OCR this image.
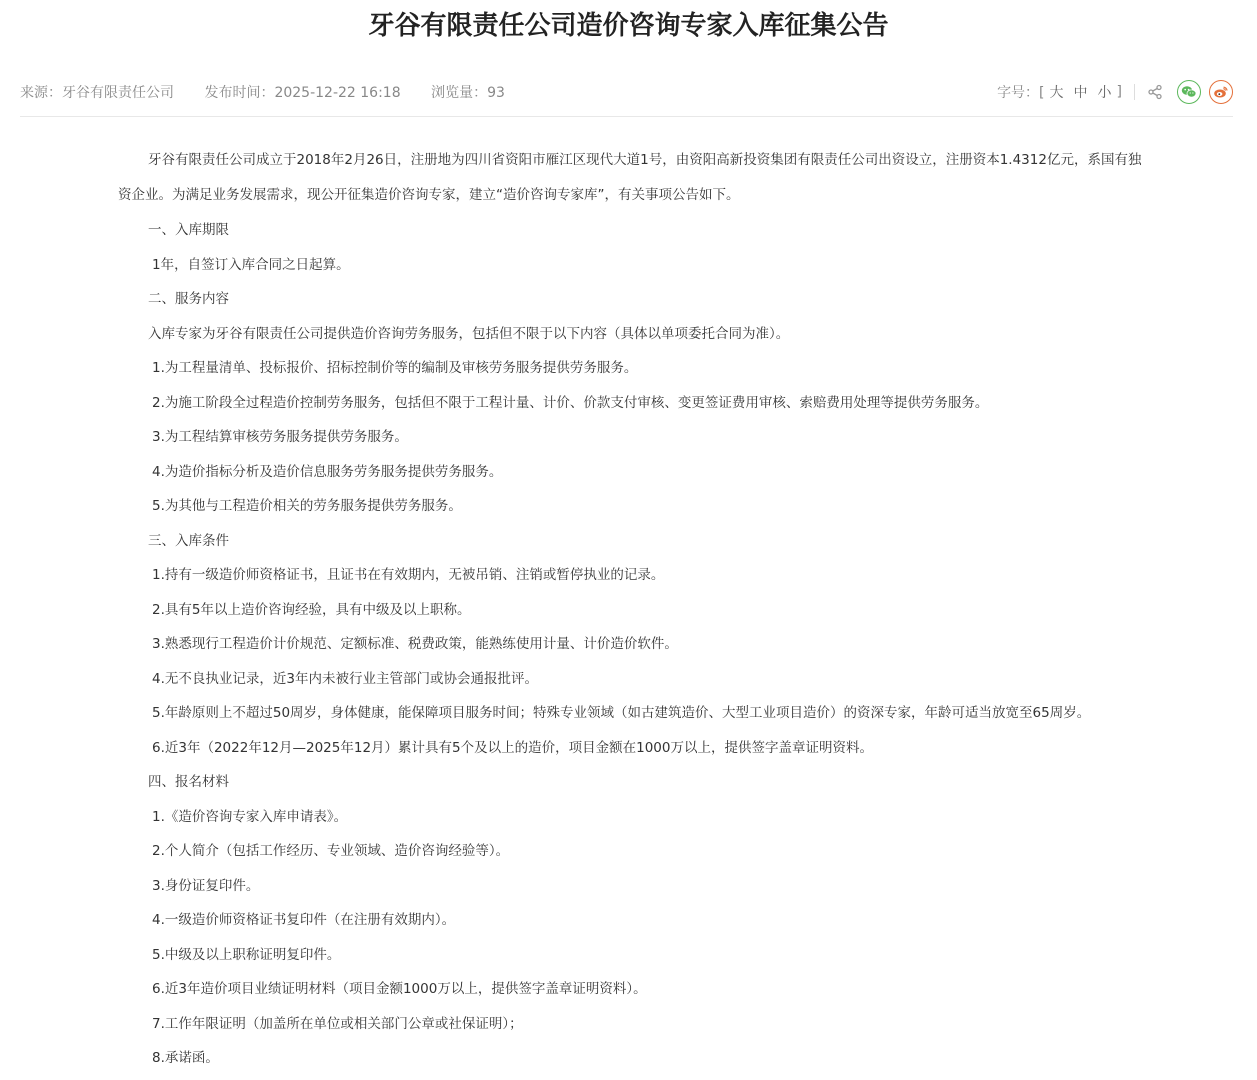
牙谷有限责任公司造价咨询专家入库征集公告
来源：牙谷有限责任公司 发布时间：2025-12-22 16:18 浏览量：93	字号：[ 大 中 小 ]

牙谷有限责任公司成立于2018年2月26日，注册地为四川省资阳市雁江区现代大道1号，由资阳高新投资集团有限责任公司出资设立，注册资本1.4312亿元，系国有独资企业。为满足业务发展需求，现公开征集造价咨询专家，建立“造价咨询专家库”，有关事项公告如下。

一、入库期限

1年，自签订入库合同之日起算。

二、服务内容

入库专家为牙谷有限责任公司提供造价咨询劳务服务，包括但不限于以下内容（具体以单项委托合同为准）。

1.为工程量清单、投标报价、招标控制价等的编制及审核劳务服务提供劳务服务。

2.为施工阶段全过程造价控制劳务服务，包括但不限于工程计量、计价、价款支付审核、变更签证费用审核、索赔费用处理等提供劳务服务。

3.为工程结算审核劳务服务提供劳务服务。

4.为造价指标分析及造价信息服务劳务服务提供劳务服务。

5.为其他与工程造价相关的劳务服务提供劳务服务。

三、入库条件

1.持有一级造价师资格证书，且证书在有效期内，无被吊销、注销或暂停执业的记录。

2.具有5年以上造价咨询经验，具有中级及以上职称。

3.熟悉现行工程造价计价规范、定额标准、税费政策，能熟练使用计量、计价造价软件。

4.无不良执业记录，近3年内未被行业主管部门或协会通报批评。

5.年龄原则上不超过50周岁，身体健康，能保障项目服务时间；特殊专业领域（如古建筑造价、大型工业项目造价）的资深专家，年龄可适当放宽至65周岁。

6.近3年（2022年12月—2025年12月）累计具有5个及以上的造价，项目金额在1000万以上，提供签字盖章证明资料。

四、报名材料

1.《造价咨询专家入库申请表》。

2.个人简介（包括工作经历、专业领域、造价咨询经验等）。

3.身份证复印件。

4.一级造价师资格证书复印件（在注册有效期内）。

5.中级及以上职称证明复印件。

6.近3年造价项目业绩证明材料（项目金额1000万以上，提供签字盖章证明资料）。

7.工作年限证明（加盖所在单位或相关部门公章或社保证明）；

8.承诺函。
